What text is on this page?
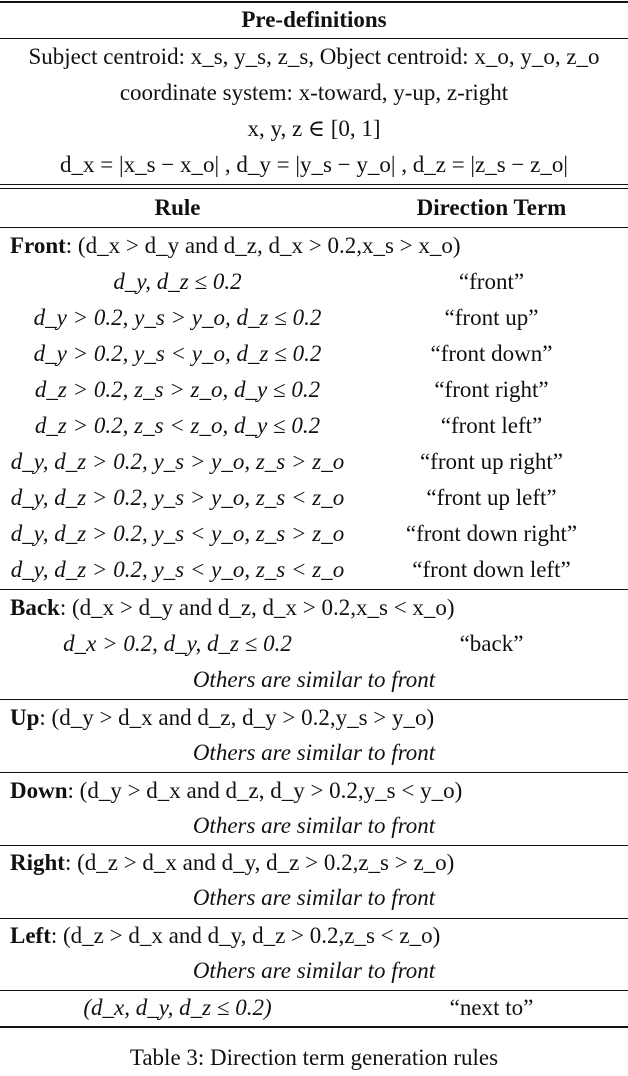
Pre-definitions
Subject centroid: x_s, y_s, z_s, Object centroid: x_o, y_o, z_o
coordinate system: x-toward, y-up, z-right
x, y, z ∈ [0, 1]
d_x = |x_s − x_o| , d_y = |y_s − y_o| , d_z = |z_s − z_o|
Rule	Direction Term
Front: (d_x > d_y and d_z, d_x > 0.2,x_s > x_o)
d_y, d_z ≤ 0.2	“front”
d_y > 0.2, y_s > y_o, d_z ≤ 0.2	“front up”
d_y > 0.2, y_s < y_o, d_z ≤ 0.2	“front down”
d_z > 0.2, z_s > z_o, d_y ≤ 0.2	“front right”
d_z > 0.2, z_s < z_o, d_y ≤ 0.2	“front left”
d_y, d_z > 0.2, y_s > y_o, z_s > z_o	“front up right”
d_y, d_z > 0.2, y_s > y_o, z_s < z_o	“front up left”
d_y, d_z > 0.2, y_s < y_o, z_s > z_o	“front down right”
d_y, d_z > 0.2, y_s < y_o, z_s < z_o	“front down left”
Back: (d_x > d_y and d_z, d_x > 0.2,x_s < x_o)
d_x > 0.2, d_y, d_z ≤ 0.2	“back”
Others are similar to front
Up: (d_y > d_x and d_z, d_y > 0.2,y_s > y_o)
Others are similar to front
Down: (d_y > d_x and d_z, d_y > 0.2,y_s < y_o)
Others are similar to front
Right: (d_z > d_x and d_y, d_z > 0.2,z_s > z_o)
Others are similar to front
Left: (d_z > d_x and d_y, d_z > 0.2,z_s < z_o)
Others are similar to front
(d_x, d_y, d_z ≤ 0.2)	“next to”
Table 3: Direction term generation rules
